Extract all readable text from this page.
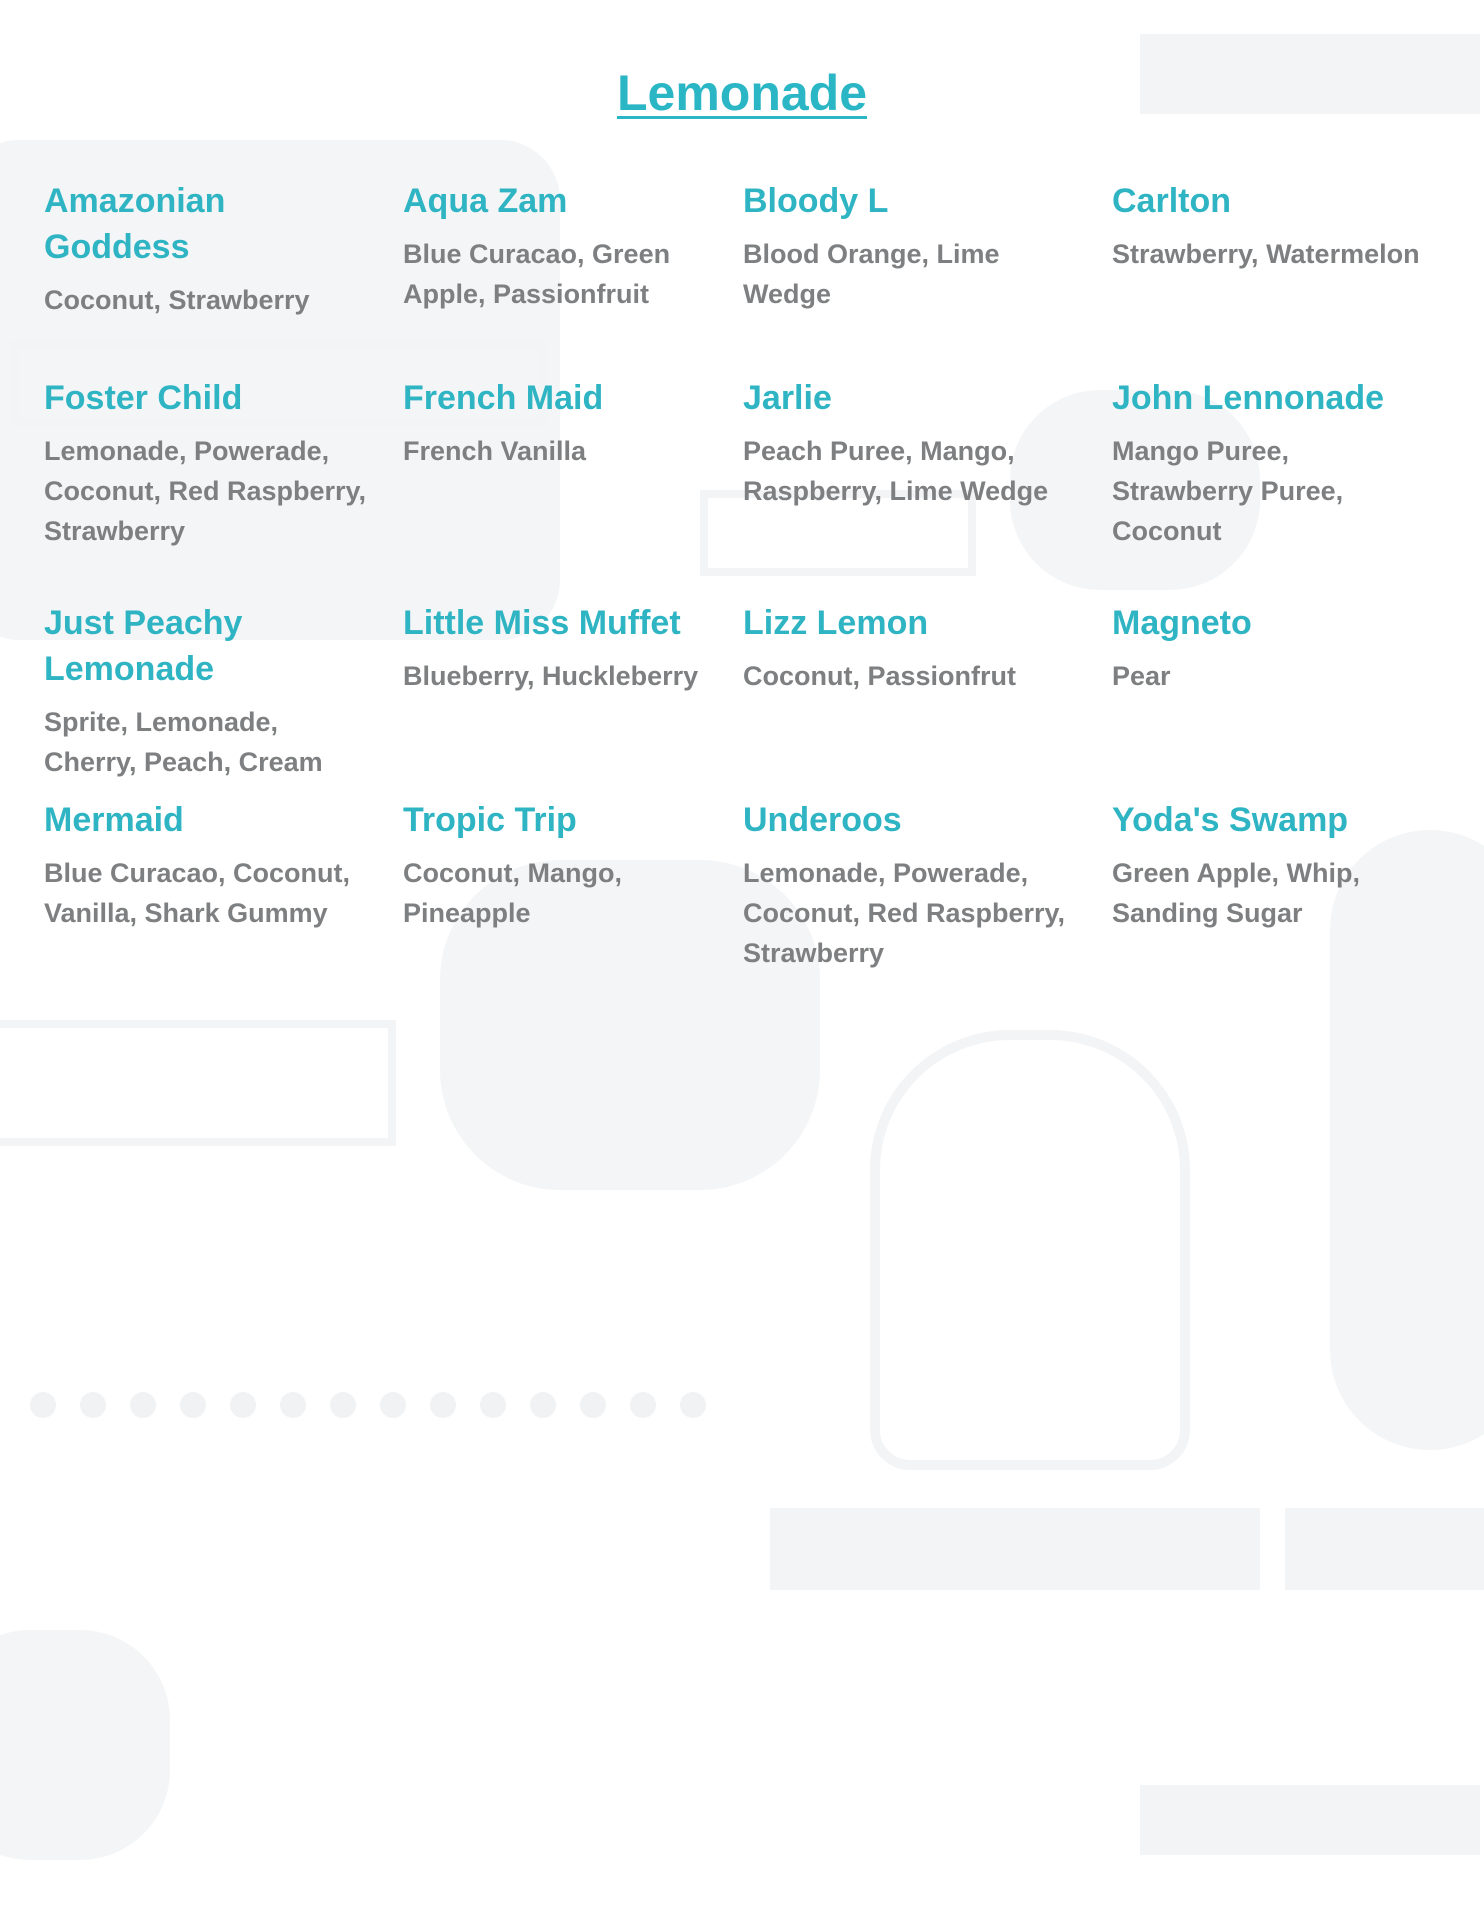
Lemonade

Amazonian Goddess

Coconut, Strawberry

Aqua Zam

Blue Curacao, Green Apple, Passionfruit

Bloody L

Blood Orange, Lime Wedge

Carlton

Strawberry, Watermelon

Foster Child

Lemonade, Powerade, Coconut, Red Raspberry, Strawberry

French Maid

French Vanilla

Jarlie

Peach Puree, Mango, Raspberry, Lime Wedge

John Lennonade

Mango Puree, Strawberry Puree, Coconut

Just Peachy Lemonade

Sprite, Lemonade, Cherry, Peach, Cream

Little Miss Muffet

Blueberry, Huckleberry

Lizz Lemon

Coconut, Passionfrut

Magneto

Pear

Mermaid

Blue Curacao, Coconut, Vanilla, Shark Gummy

Tropic Trip

Coconut, Mango, Pineapple

Underoos

Lemonade, Powerade, Coconut, Red Raspberry, Strawberry

Yoda's Swamp

Green Apple, Whip, Sanding Sugar
